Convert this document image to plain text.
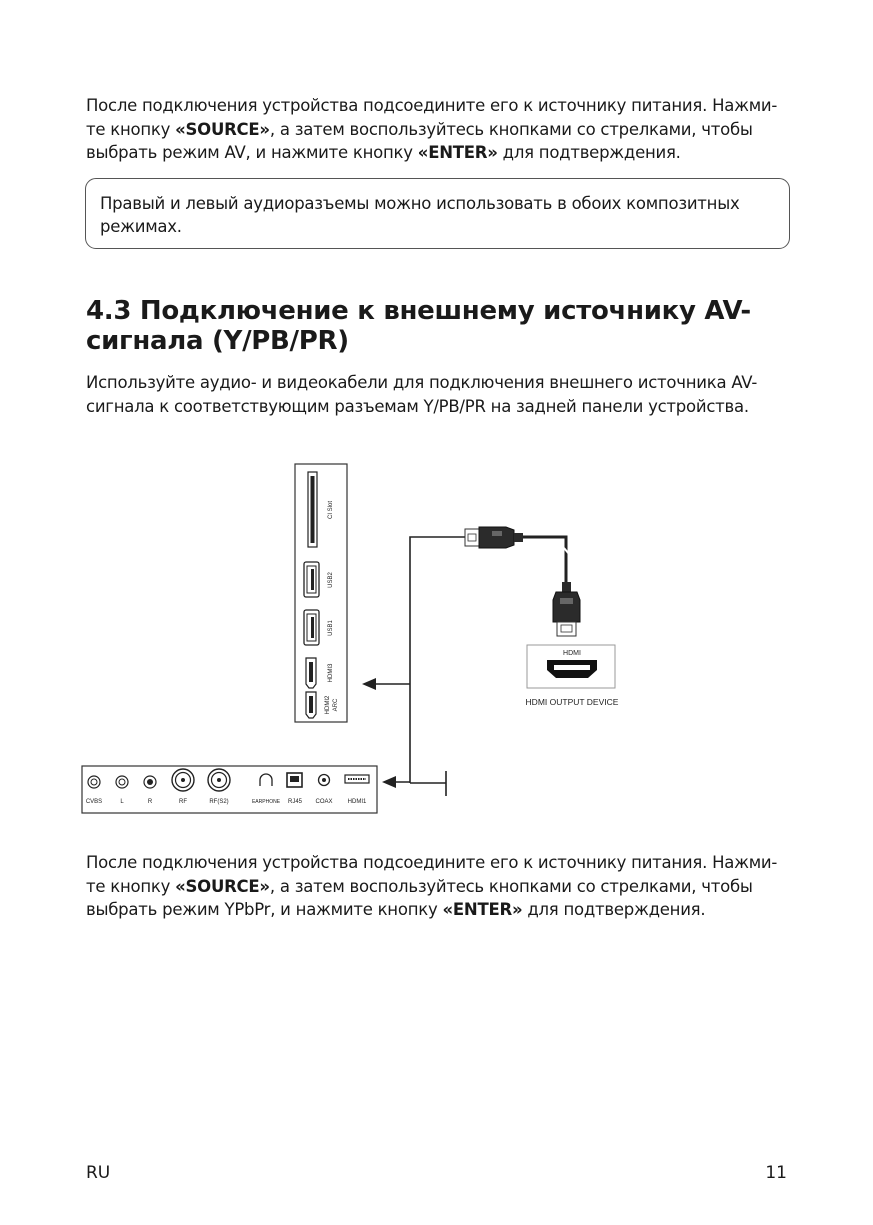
После подключения устройства подсоедините его к источнику питания. Нажми-те кнопку «SOURCE», а затем воспользуйтесь кнопками со стрелками, чтобы выбрать режим AV, и нажмите кнопку «ENTER» для подтверждения.

Правый и левый аудиоразъемы можно использовать в обоих композитных режимах.
4.3 Подключение к внешнему источнику AV-сигнала (Y/PB/PR)

Используйте аудио- и видеокабели для подключения внешнего источника AV-сигнала к соответствующим разъемам Y/PB/PR на задней панели устройства.

CI Slot
USB2
USB1
HDMI3
HDMI2 ARC
CVBS	L	R	RF	RF(S2)	EARPHONE RJ45 COAX	HDMI1
HDMI
HDMI OUTPUT DEVICE

После подключения устройства подсоедините его к источнику питания. Нажми-те кнопку «SOURCE», а затем воспользуйтесь кнопками со стрелками, чтобы выбрать режим YPbPr, и нажмите кнопку «ENTER» для подтверждения.

RU	11
